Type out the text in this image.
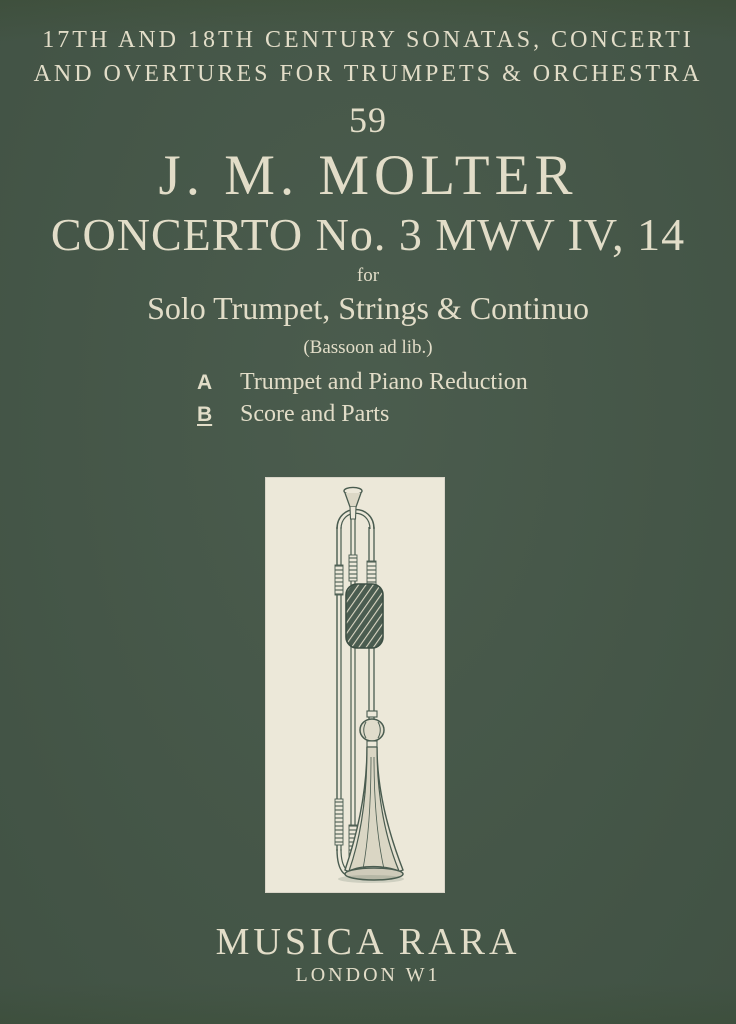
17TH AND 18TH CENTURY SONATAS, CONCERTI
AND OVERTURES FOR TRUMPETS & ORCHESTRA
59
J. M. MOLTER
CONCERTO No. 3 MWV IV, 14
for
Solo Trumpet, Strings & Continuo
(Bassoon ad lib.)
A	Trumpet and Piano Reduction
B	Score and Parts
MUSICA RARA
LONDON W1
